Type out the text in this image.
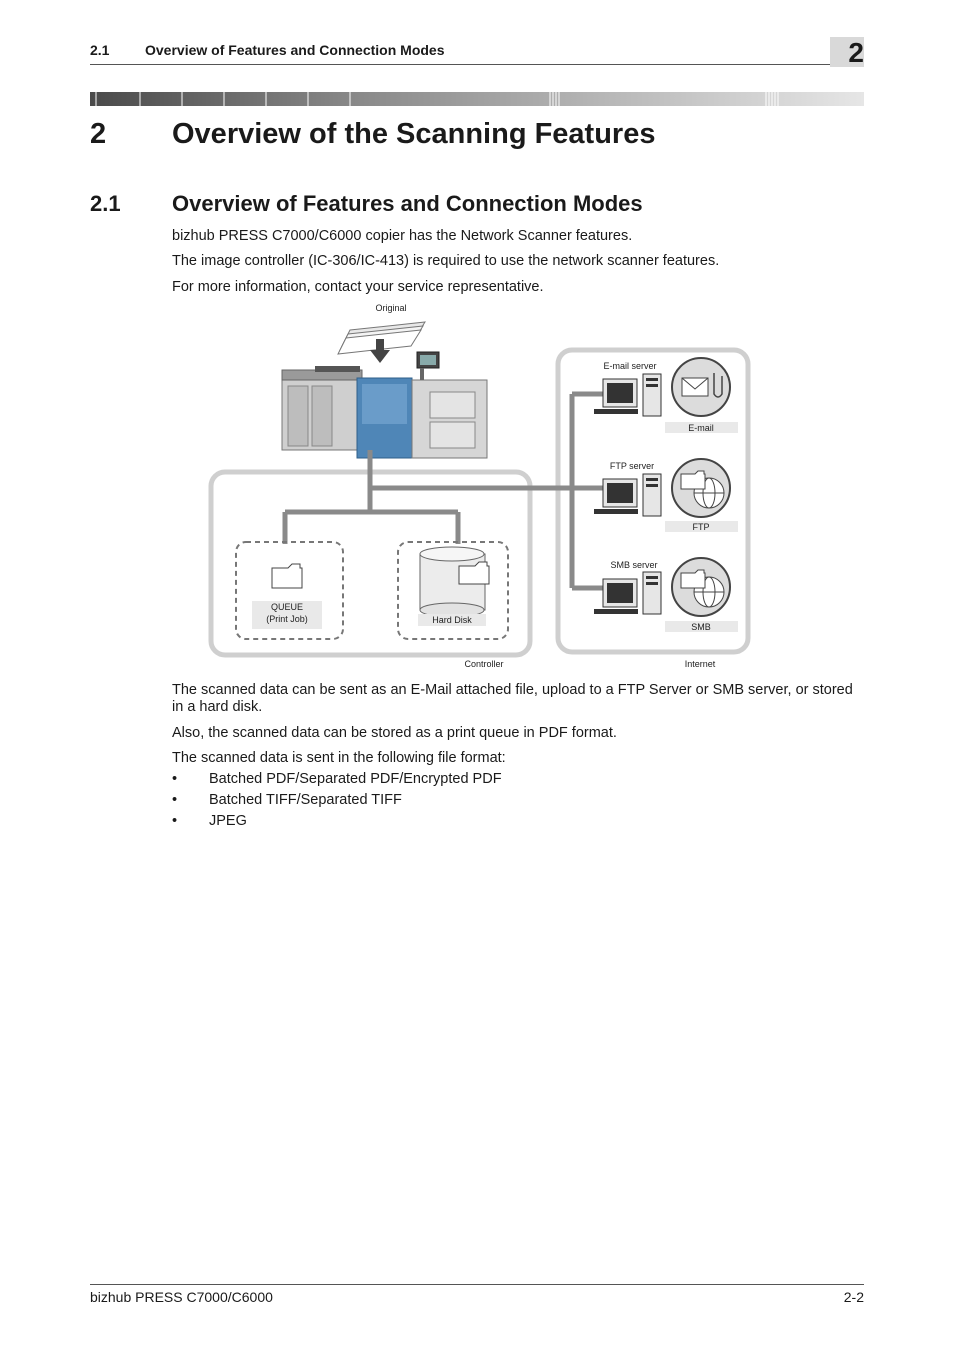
2.1	Overview of Features and Connection Modes	2
2 Overview of the Scanning Features
2.1 Overview of Features and Connection Modes
bizhub PRESS C7000/C6000 copier has the Network Scanner features.
The image controller (IC-306/IC-413) is required to use the network scanner features.
For more information, contact your service representative.
Original
QUEUE
(Print Job)	Hard Disk
Controller	Internet
E-mail server
E-mail
FTP server
FTP
SMB server
SMB
The scanned data can be sent as an E-Mail attached file, upload to a FTP Server or SMB server, or stored in a hard disk.
Also, the scanned data can be stored as a print queue in PDF format.
The scanned data is sent in the following file format:
• Batched PDF/Separated PDF/Encrypted PDF
• Batched TIFF/Separated TIFF
• JPEG
bizhub PRESS C7000/C6000	2-2
